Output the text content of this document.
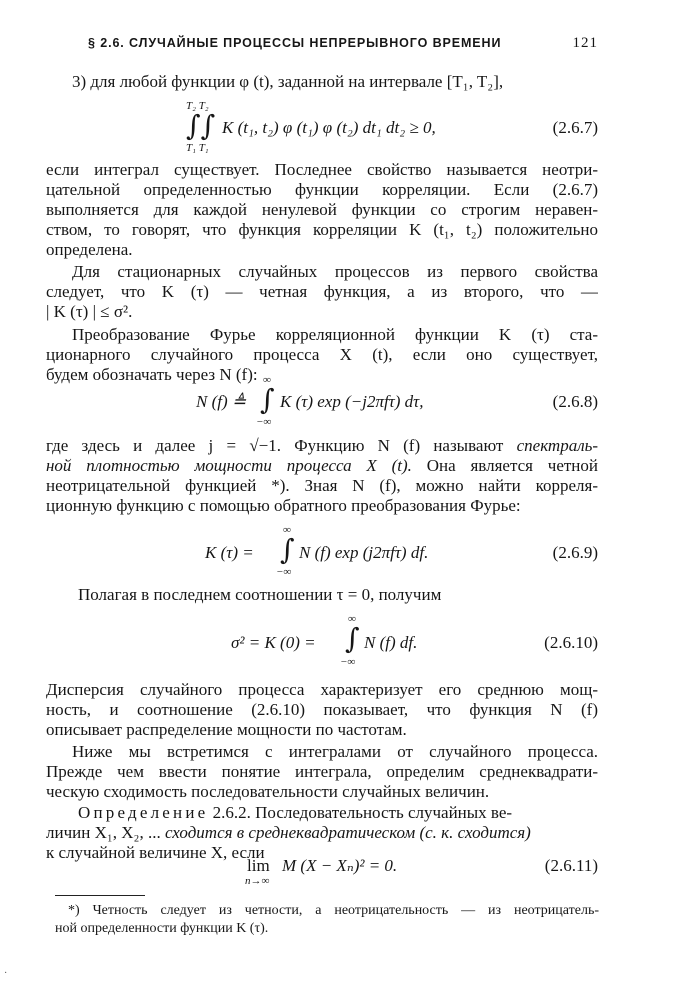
§ 2.6. СЛУЧАЙНЫЕ ПРОЦЕССЫ НЕПРЕРЫВНОГО ВРЕМЕНИ	121
3) для любой функции φ (t), заданной на интервале [T₁, T₂],
T₂ T₂
∫∫
T₁ T₁
K (t₁, t₂) φ (t₁) φ (t₂) dt₁ dt₂ ≥ 0,	(2.6.7)
если интеграл существует. Последнее свойство называется неотри-
цательной определенностью функции корреляции. Если (2.6.7)
выполняется для каждой ненулевой функции со строгим неравен-
ством, то говорят, что функция корреляции K (t₁, t₂) положительно
определена.
Для стационарных случайных процессов из первого свойства
следует, что K (τ) — четная функция, а из второго, что —
| K (τ) | ≤ σ².
Преобразование Фурье корреляционной функции K (τ) ста-
ционарного случайного процесса X (t), если оно существует,
будем обозначать через N (f):
N (f) ≜
∞
∫
−∞
K (τ) exp (−j2πfτ) dτ,	(2.6.8)
где здесь и далее j = √−1. Функцию N (f) называют спектраль-
ной плотностью мощности процесса X (t). Она является четной
неотрицательной функцией *). Зная N (f), можно найти корреля-
ционную функцию с помощью обратного преобразования Фурье:
K (τ) =
∞
∫
−∞
N (f) exp (j2πfτ) df.	(2.6.9)
Полагая в последнем соотношении τ = 0, получим
σ² = K (0) =
∞
∫
−∞
N (f) df.	(2.6.10)
Дисперсия случайного процесса характеризует его среднюю мощ-
ность, и соотношение (2.6.10) показывает, что функция N (f)
описывает распределение мощности по частотам.
Ниже мы встретимся с интегралами от случайного процесса.
Прежде чем ввести понятие интеграла, определим среднеквадрати-
ческую сходимость последовательности случайных величин.
Определение 2.6.2. Последовательность случайных ве-
личин X₁, X₂, ... сходится в среднеквадратическом (с. к. сходится)
к случайной величине X, если
lim
n→∞
M (X − Xₙ)² = 0.	(2.6.11)
*) Четность следует из четности, а неотрицательность — из неотрицатель-
ной определенности функции K (τ).
·
